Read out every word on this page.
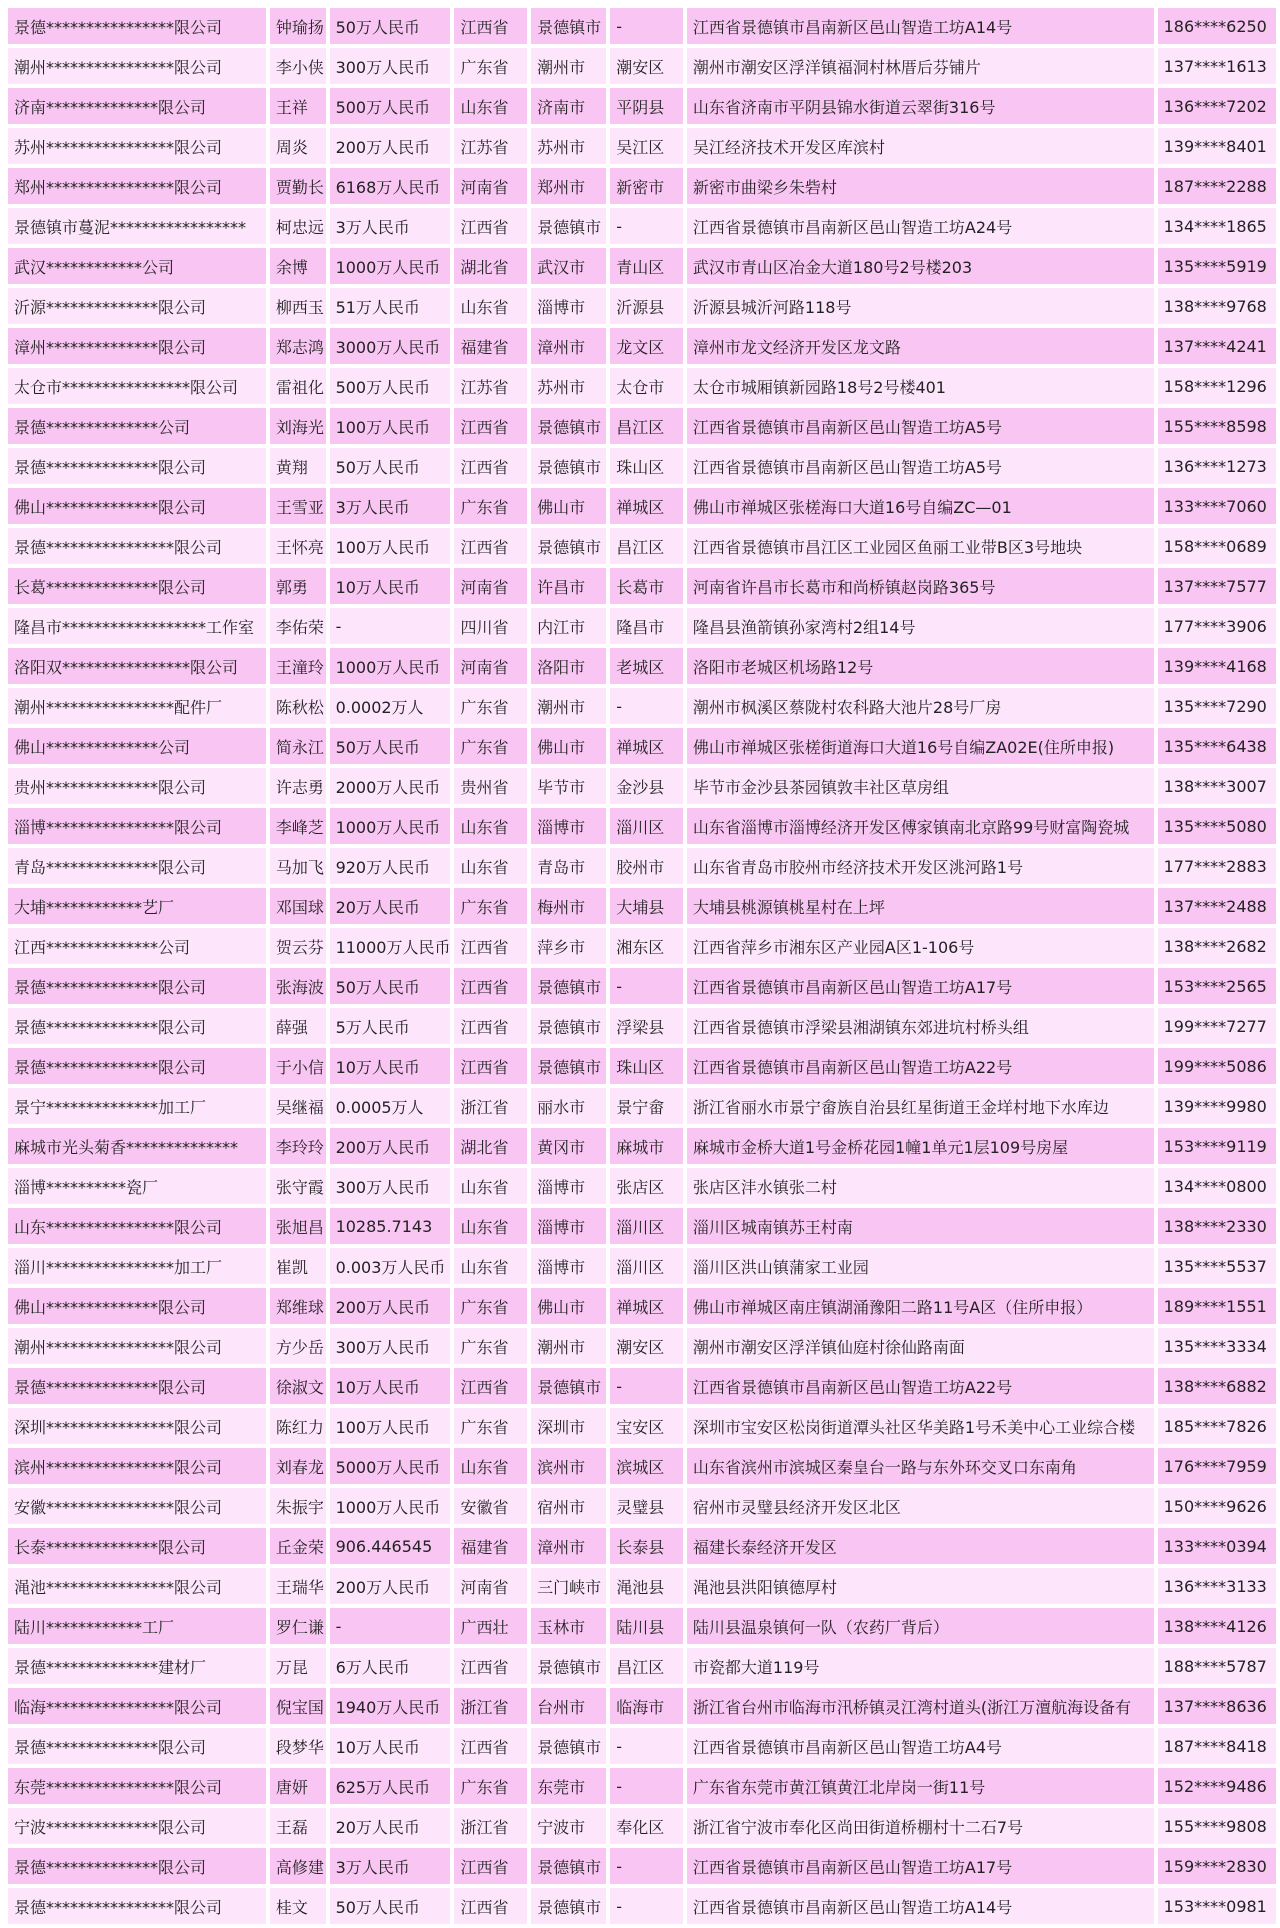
景德****************限公司	钟瑜扬	50万人民币	江西省	景德镇市	-	江西省景德镇市昌南新区邑山智造工坊A14号	186****6250
潮州****************限公司	李小侠	300万人民币	广东省	潮州市	潮安区	潮州市潮安区浮洋镇福洞村林厝后芬铺片	137****1613
济南**************限公司	王祥	500万人民币	山东省	济南市	平阴县	山东省济南市平阴县锦水街道云翠街316号	136****7202
苏州****************限公司	周炎	200万人民币	江苏省	苏州市	吴江区	吴江经济技术开发区库滨村	139****8401
郑州****************限公司	贾勤长	6168万人民币	河南省	郑州市	新密市	新密市曲梁乡朱砦村	187****2288
景德镇市蔓泥*****************	柯忠远	3万人民币	江西省	景德镇市	-	江西省景德镇市昌南新区邑山智造工坊A24号	134****1865
武汉************公司	余博	1000万人民币	湖北省	武汉市	青山区	武汉市青山区冶金大道180号2号楼203	135****5919
沂源**************限公司	柳西玉	51万人民币	山东省	淄博市	沂源县	沂源县城沂河路118号	138****9768
漳州**************限公司	郑志鸿	3000万人民币	福建省	漳州市	龙文区	漳州市龙文经济开发区龙文路	137****4241
太仓市****************限公司	雷祖化	500万人民币	江苏省	苏州市	太仓市	太仓市城厢镇新园路18号2号楼401	158****1296
景德**************公司	刘海光	100万人民币	江西省	景德镇市	昌江区	江西省景德镇市昌南新区邑山智造工坊A5号	155****8598
景德**************限公司	黄翔	50万人民币	江西省	景德镇市	珠山区	江西省景德镇市昌南新区邑山智造工坊A5号	136****1273
佛山**************限公司	王雪亚	3万人民币	广东省	佛山市	禅城区	佛山市禅城区张槎海口大道16号自编ZC—01	133****7060
景德****************限公司	王怀亮	100万人民币	江西省	景德镇市	昌江区	江西省景德镇市昌江区工业园区鱼丽工业带B区3号地块	158****0689
长葛**************限公司	郭勇	10万人民币	河南省	许昌市	长葛市	河南省许昌市长葛市和尚桥镇赵岗路365号	137****7577
隆昌市******************工作室	李佑荣	-	四川省	内江市	隆昌市	隆昌县渔箭镇孙家湾村2组14号	177****3906
洛阳双****************限公司	王潼玲	1000万人民币	河南省	洛阳市	老城区	洛阳市老城区机场路12号	139****4168
潮州****************配件厂	陈秋松	0.0002万人	广东省	潮州市	-	潮州市枫溪区蔡陇村农科路大池片28号厂房	135****7290
佛山**************公司	简永江	50万人民币	广东省	佛山市	禅城区	佛山市禅城区张槎街道海口大道16号自编ZA02E(住所申报)	135****6438
贵州**************限公司	许志勇	2000万人民币	贵州省	毕节市	金沙县	毕节市金沙县茶园镇敦丰社区草房组	138****3007
淄博****************限公司	李峰芝	1000万人民币	山东省	淄博市	淄川区	山东省淄博市淄博经济开发区傅家镇南北京路99号财富陶瓷城	135****5080
青岛**************限公司	马加飞	920万人民币	山东省	青岛市	胶州市	山东省青岛市胶州市经济技术开发区洮河路1号	177****2883
大埔************艺厂	邓国球	20万人民币	广东省	梅州市	大埔县	大埔县桃源镇桃星村在上坪	137****2488
江西**************公司	贺云芬	11000万人民币	江西省	萍乡市	湘东区	江西省萍乡市湘东区产业园A区1-106号	138****2682
景德**************限公司	张海波	50万人民币	江西省	景德镇市	-	江西省景德镇市昌南新区邑山智造工坊A17号	153****2565
景德**************限公司	薛强	5万人民币	江西省	景德镇市	浮梁县	江西省景德镇市浮梁县湘湖镇东郊进坑村桥头组	199****7277
景德**************限公司	于小信	10万人民币	江西省	景德镇市	珠山区	江西省景德镇市昌南新区邑山智造工坊A22号	199****5086
景宁**************加工厂	吴继福	0.0005万人	浙江省	丽水市	景宁畲	浙江省丽水市景宁畲族自治县红星街道王金垟村地下水库边	139****9980
麻城市光头菊香**************	李玲玲	200万人民币	湖北省	黄冈市	麻城市	麻城市金桥大道1号金桥花园1幢1单元1层109号房屋	153****9119
淄博**********瓷厂	张守霞	300万人民币	山东省	淄博市	张店区	张店区沣水镇张二村	134****0800
山东****************限公司	张旭昌	10285.7143	山东省	淄博市	淄川区	淄川区城南镇苏王村南	138****2330
淄川****************加工厂	崔凯	0.003万人民币	山东省	淄博市	淄川区	淄川区洪山镇蒲家工业园	135****5537
佛山**************限公司	郑维球	200万人民币	广东省	佛山市	禅城区	佛山市禅城区南庄镇湖涌豫阳二路11号A区（住所申报）	189****1551
潮州****************限公司	方少岳	300万人民币	广东省	潮州市	潮安区	潮州市潮安区浮洋镇仙庭村徐仙路南面	135****3334
景德**************限公司	徐淑文	10万人民币	江西省	景德镇市	-	江西省景德镇市昌南新区邑山智造工坊A22号	138****6882
深圳****************限公司	陈红力	100万人民币	广东省	深圳市	宝安区	深圳市宝安区松岗街道潭头社区华美路1号禾美中心工业综合楼	185****7826
滨州****************限公司	刘春龙	5000万人民币	山东省	滨州市	滨城区	山东省滨州市滨城区秦皇台一路与东外环交叉口东南角	176****7959
安徽****************限公司	朱振宇	1000万人民币	安徽省	宿州市	灵璧县	宿州市灵璧县经济开发区北区	150****9626
长泰**************限公司	丘金荣	906.446545	福建省	漳州市	长泰县	福建长泰经济开发区	133****0394
渑池****************限公司	王瑞华	200万人民币	河南省	三门峡市	渑池县	渑池县洪阳镇德厚村	136****3133
陆川************工厂	罗仁谦	-	广西壮	玉林市	陆川县	陆川县温泉镇何一队（农药厂背后）	138****4126
景德**************建材厂	万昆	6万人民币	江西省	景德镇市	昌江区	市瓷都大道119号	188****5787
临海****************限公司	倪宝国	1940万人民币	浙江省	台州市	临海市	浙江省台州市临海市汛桥镇灵江湾村道头(浙江万澶航海设备有	137****8636
景德**************限公司	段梦华	10万人民币	江西省	景德镇市	-	江西省景德镇市昌南新区邑山智造工坊A4号	187****8418
东莞****************限公司	唐妍	625万人民币	广东省	东莞市	-	广东省东莞市黄江镇黄江北岸岗一街11号	152****9486
宁波**************限公司	王磊	20万人民币	浙江省	宁波市	奉化区	浙江省宁波市奉化区尚田街道桥棚村十二石7号	155****9808
景德**************限公司	高修建	3万人民币	江西省	景德镇市	-	江西省景德镇市昌南新区邑山智造工坊A17号	159****2830
景德****************限公司	桂文	50万人民币	江西省	景德镇市	-	江西省景德镇市昌南新区邑山智造工坊A14号	153****0981
